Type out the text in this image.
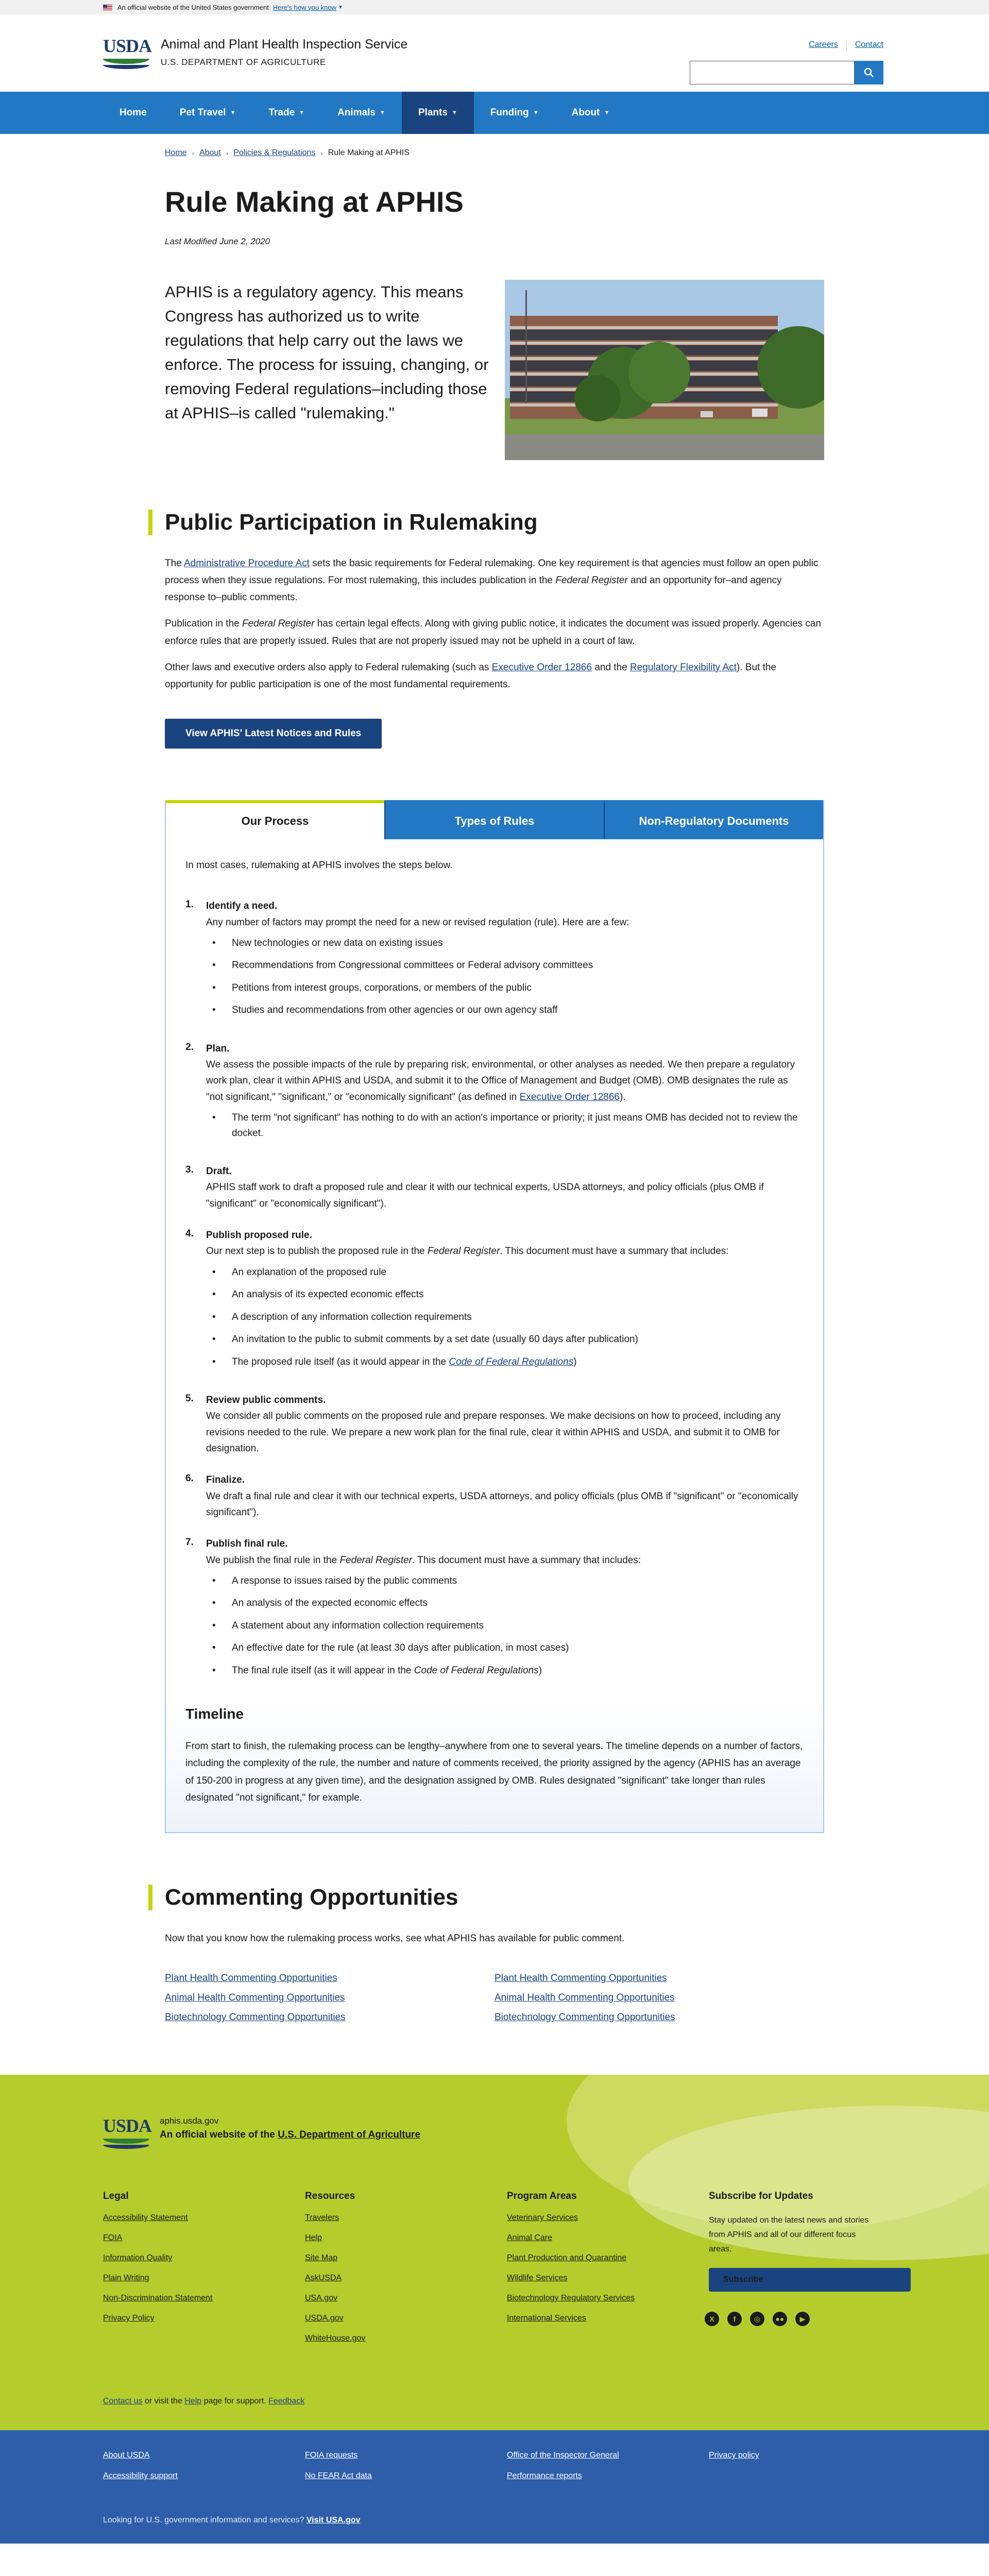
An official website of the United States government Here's how you know ▼
USDA Animal and Plant Health Inspection Service
U.S. DEPARTMENT OF AGRICULTURE
Careers Contact
Home	Pet Travel ▼	Trade ▼	Animals ▼	Plants ▼	Funding ▼	About ▼
Home › About › Policies & Regulations › Rule Making at APHIS
Rule Making at APHIS
Last Modified June 2, 2020

APHIS is a regulatory agency. This means Congress has authorized us to write regulations that help carry out the laws we enforce. The process for issuing, changing, or removing Federal regulations–including those at APHIS–is called "rulemaking."

Public Participation in Rulemaking

The Administrative Procedure Act sets the basic requirements for Federal rulemaking. One key requirement is that agencies must follow an open public process when they issue regulations. For most rulemaking, this includes publication in the Federal Register and an opportunity for–and agency response to–public comments.

Publication in the Federal Register has certain legal effects. Along with giving public notice, it indicates the document was issued properly. Agencies can enforce rules that are properly issued. Rules that are not properly issued may not be upheld in a court of law.

Other laws and executive orders also apply to Federal rulemaking (such as Executive Order 12866 and the Regulatory Flexibility Act). But the opportunity for public participation is one of the most fundamental requirements.

View APHIS' Latest Notices and Rules
Our Process	Types of Rules	Non-Regulatory Documents
In most cases, rulemaking at APHIS involves the steps below.
1.	Identify a need.
Any number of factors may prompt the need for a new or revised regulation (rule). Here are a few:
• New technologies or new data on existing issues
• Recommendations from Congressional committees or Federal advisory committees
• Petitions from interest groups, corporations, or members of the public
• Studies and recommendations from other agencies or our own agency staff
2.	Plan.
We assess the possible impacts of the rule by preparing risk, environmental, or other analyses as needed. We then prepare a regulatory work plan, clear it within APHIS and USDA, and submit it to the Office of Management and Budget (OMB). OMB designates the rule as "not significant," "significant," or "economically significant" (as defined in Executive Order 12866).
• The term "not significant" has nothing to do with an action's importance or priority; it just means OMB has decided not to review the docket.
3.	Draft.
APHIS staff work to draft a proposed rule and clear it with our technical experts, USDA attorneys, and policy officials (plus OMB if "significant" or "economically significant").
4.	Publish proposed rule.
Our next step is to publish the proposed rule in the Federal Register. This document must have a summary that includes:
• An explanation of the proposed rule
• An analysis of its expected economic effects
• A description of any information collection requirements
• An invitation to the public to submit comments by a set date (usually 60 days after publication)
• The proposed rule itself (as it would appear in the Code of Federal Regulations)
5.	Review public comments.
We consider all public comments on the proposed rule and prepare responses. We make decisions on how to proceed, including any revisions needed to the rule. We prepare a new work plan for the final rule, clear it within APHIS and USDA, and submit it to OMB for designation.
6.	Finalize.
We draft a final rule and clear it with our technical experts, USDA attorneys, and policy officials (plus OMB if "significant" or "economically significant").
7.	Publish final rule.
We publish the final rule in the Federal Register. This document must have a summary that includes:
• A response to issues raised by the public comments
• An analysis of the expected economic effects
• A statement about any information collection requirements
• An effective date for the rule (at least 30 days after publication, in most cases)
• The final rule itself (as it will appear in the Code of Federal Regulations)
Timeline

From start to finish, the rulemaking process can be lengthy–anywhere from one to several years. The timeline depends on a number of factors, including the complexity of the rule, the number and nature of comments received, the priority assigned by the agency (APHIS has an average of 150-200 in progress at any given time), and the designation assigned by OMB. Rules designated "significant" take longer than rules designated "not significant," for example.

Commenting Opportunities

Now that you know how the rulemaking process works, see what APHIS has available for public comment.

Plant Health Commenting Opportunities
Animal Health Commenting Opportunities
Biotechnology Commenting Opportunities
Plant Health Commenting Opportunities
Animal Health Commenting Opportunities
Biotechnology Commenting Opportunities
USDA aphis.usda.gov
An official website of the U.S. Department of Agriculture
Legal
Accessibility Statement
FOIA
Information Quality
Plain Writing
Non-Discrimination Statement
Privacy Policy
Resources
Travelers
Help
Site Map
AskUSDA
USA.gov
USDA.gov
WhiteHouse.gov
Program Areas
Veterinary Services
Animal Care
Plant Production and Quarantine
Wildlife Services
Biotechnology Regulatory Services
International Services
Subscribe for Updates

Stay updated on the latest news and stories from APHIS and all of our different focus areas.

Subscribe
X	f	◎	●●	▶
Contact us or visit the Help page for support. Feedback
About USDA
Accessibility support
FOIA requests
No FEAR Act data
Office of the Inspector General
Performance reports
Privacy policy
Looking for U.S. government information and services? Visit USA.gov
